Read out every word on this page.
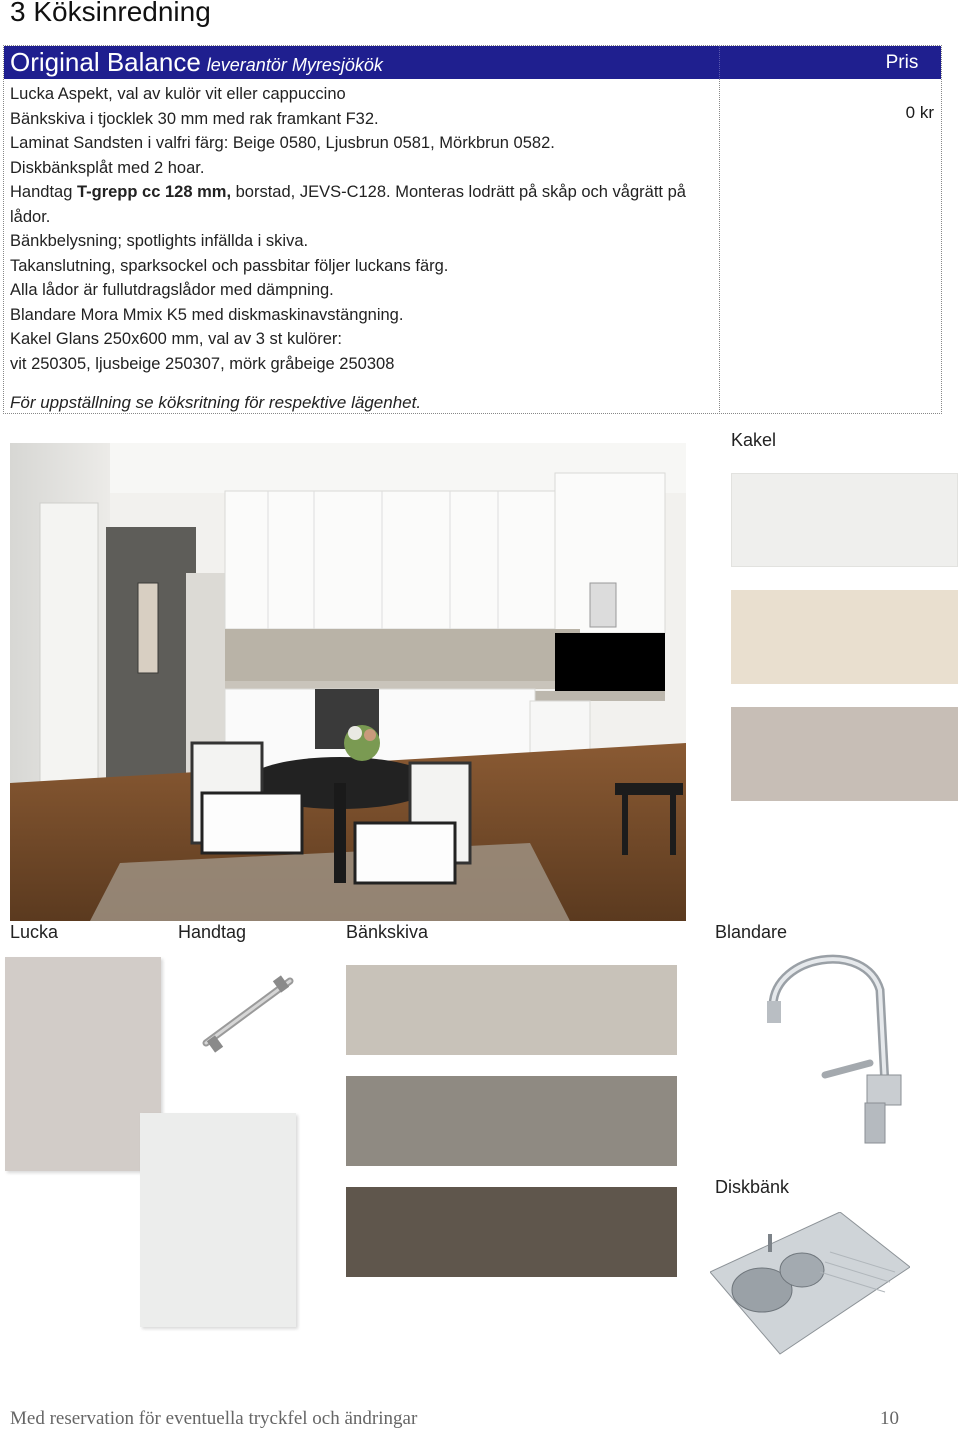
3 Köksinredning
Original Balance leverantör Myresjökök	Pris
Lucka Aspekt, val av kulör vit eller cappuccino
Bänkskiva i tjocklek 30 mm med rak framkant F32.
Laminat Sandsten i valfri färg: Beige 0580, Ljusbrun 0581, Mörkbrun 0582.
Diskbänksplåt med 2 hoar.
Handtag T-grepp cc 128 mm, borstad, JEVS-C128. Monteras lodrätt på skåp och vågrätt på lådor.
Bänkbelysning; spotlights infällda i skiva.
Takanslutning, sparksockel och passbitar följer luckans färg.
Alla lådor är fullutdragslådor med dämpning.
Blandare Mora Mmix K5 med diskmaskinavstängning.
Kakel Glans 250x600 mm, val av 3 st kulörer:
vit 250305, ljusbeige 250307, mörk gråbeige 250308
För uppställning se köksritning för respektive lägenhet.
0 kr
Kakel
Lucka	Handtag	Bänkskiva	Blandare
Diskbänk
Med reservation för eventuella tryckfel och ändringar	10
